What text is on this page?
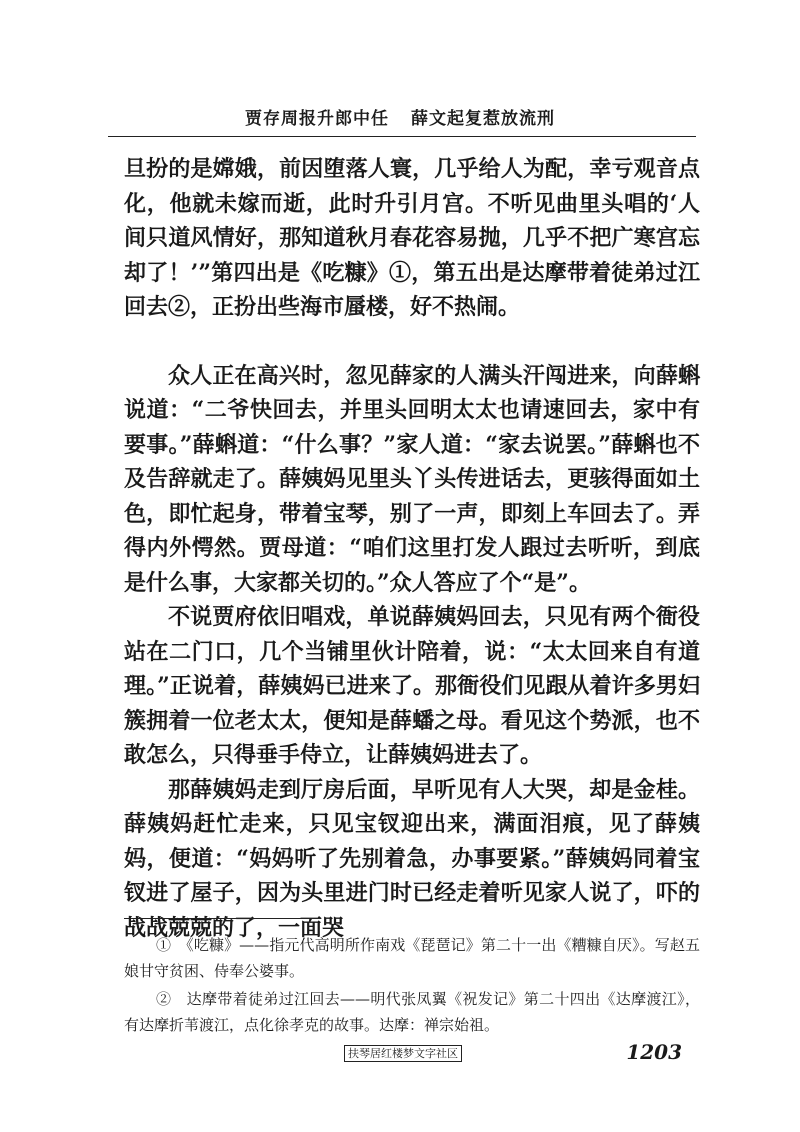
贾存周报升郎中任 薛文起复惹放流刑

旦扮的是嫦娥，前因堕落人寰，几乎给人为配，幸亏观音点化，他就未嫁而逝，此时升引月宫。不听见曲里头唱的‘人间只道风情好，那知道秋月春花容易抛，几乎不把广寒宫忘却了！’”第四出是《吃糠》①，第五出是达摩带着徒弟过江回去②，正扮出些海市蜃楼，好不热闹。

众人正在高兴时，忽见薛家的人满头汗闯进来，向薛蝌说道：“二爷快回去，并里头回明太太也请速回去，家中有要事。”薛蝌道：“什么事？”家人道：“家去说罢。”薛蝌也不及告辞就走了。薛姨妈见里头丫头传进话去，更骇得面如土色，即忙起身，带着宝琴，别了一声，即刻上车回去了。弄得内外愕然。贾母道：“咱们这里打发人跟过去听听，到底是什么事，大家都关切的。”众人答应了个“是”。

不说贾府依旧唱戏，单说薛姨妈回去，只见有两个衙役站在二门口，几个当铺里伙计陪着，说：“太太回来自有道理。”正说着，薛姨妈已进来了。那衙役们见跟从着许多男妇簇拥着一位老太太，便知是薛蟠之母。看见这个势派，也不敢怎么，只得垂手侍立，让薛姨妈进去了。

那薛姨妈走到厅房后面，早听见有人大哭，却是金桂。薛姨妈赶忙走来，只见宝钗迎出来，满面泪痕，见了薛姨妈，便道：“妈妈听了先别着急，办事要紧。”薛姨妈同着宝钗进了屋子，因为头里进门时已经走着听见家人说了，吓的战战兢兢的了，一面哭

①　《吃糠》——指元代高明所作南戏《琵琶记》第二十一出《糟糠自厌》。写赵五娘甘守贫困、侍奉公婆事。

②　达摩带着徒弟过江回去——明代张凤翼《祝发记》第二十四出《达摩渡江》，有达摩折苇渡江，点化徐孝克的故事。达摩：禅宗始祖。

扶琴居红楼梦文字社区	1203
